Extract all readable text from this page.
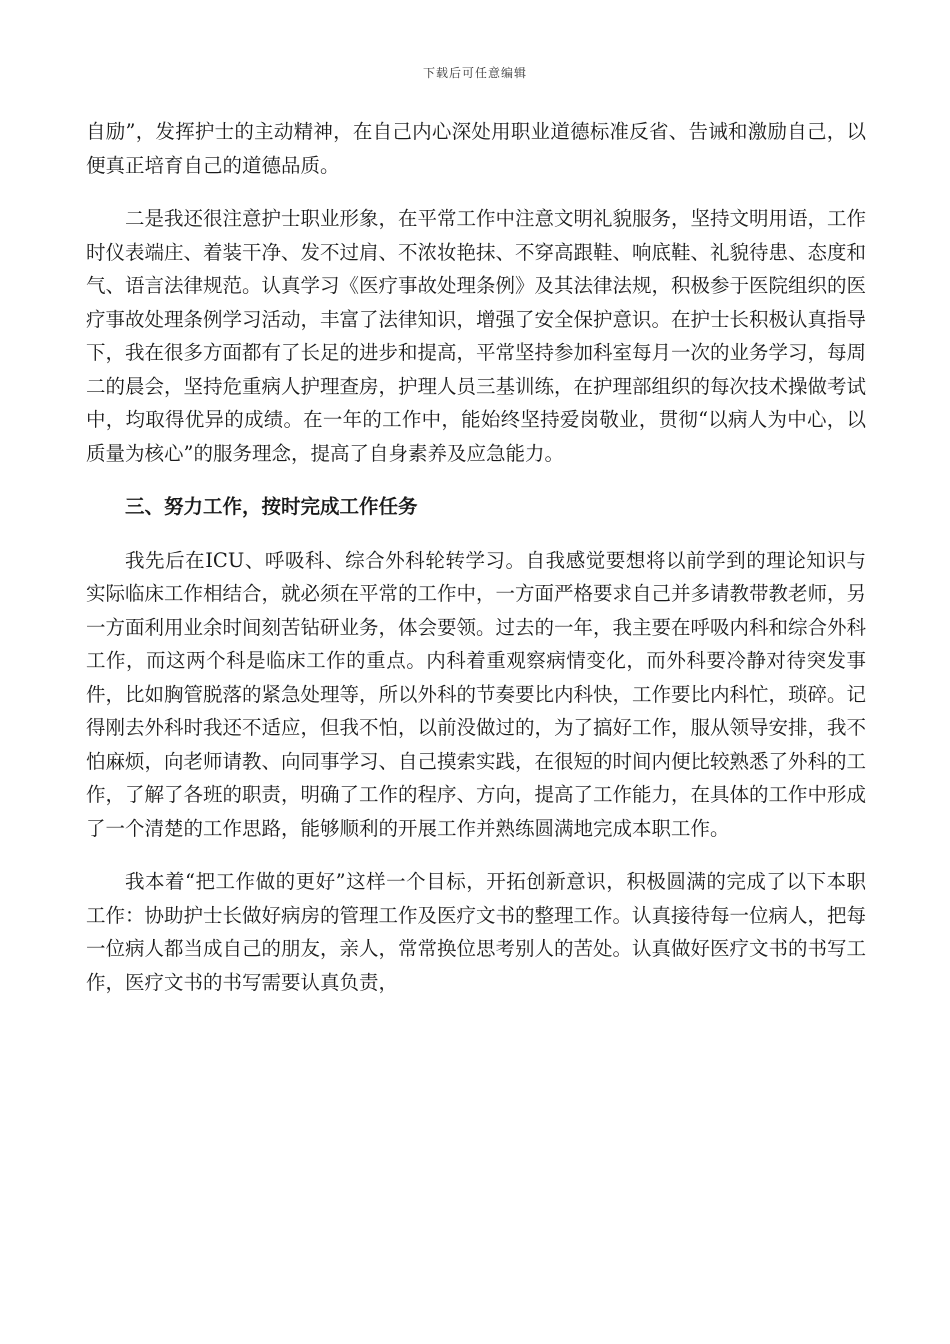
下载后可任意编辑

自励”，发挥护士的主动精神，在自己内心深处用职业道德标准反省、告诫和激励自己，以便真正培育自己的道德品质。

二是我还很注意护士职业形象，在平常工作中注意文明礼貌服务，坚持文明用语，工作时仪表端庄、着装干净、发不过肩、不浓妆艳抹、不穿高跟鞋、响底鞋、礼貌待患、态度和气、语言法律规范。认真学习《医疗事故处理条例》及其法律法规，积极参于医院组织的医疗事故处理条例学习活动，丰富了法律知识，增强了安全保护意识。在护士长积极认真指导下，我在很多方面都有了长足的进步和提高，平常坚持参加科室每月一次的业务学习，每周二的晨会，坚持危重病人护理查房，护理人员三基训练，在护理部组织的每次技术操做考试中，均取得优异的成绩。在一年的工作中，能始终坚持爱岗敬业，贯彻“以病人为中心，以质量为核心”的服务理念，提高了自身素养及应急能力。

三、努力工作，按时完成工作任务

我先后在ICU、呼吸科、综合外科轮转学习。自我感觉要想将以前学到的理论知识与实际临床工作相结合，就必须在平常的工作中，一方面严格要求自己并多请教带教老师，另一方面利用业余时间刻苦钻研业务，体会要领。过去的一年，我主要在呼吸内科和综合外科工作，而这两个科是临床工作的重点。内科着重观察病情变化，而外科要冷静对待突发事件，比如胸管脱落的紧急处理等，所以外科的节奏要比内科快，工作要比内科忙，琐碎。记得刚去外科时我还不适应，但我不怕，以前没做过的，为了搞好工作，服从领导安排，我不怕麻烦，向老师请教、向同事学习、自己摸索实践，在很短的时间内便比较熟悉了外科的工作，了解了各班的职责，明确了工作的程序、方向，提高了工作能力，在具体的工作中形成了一个清楚的工作思路，能够顺利的开展工作并熟练圆满地完成本职工作。

我本着“把工作做的更好”这样一个目标，开拓创新意识，积极圆满的完成了以下本职工作：协助护士长做好病房的管理工作及医疗文书的整理工作。认真接待每一位病人，把每一位病人都当成自己的朋友，亲人，常常换位思考别人的苦处。认真做好医疗文书的书写工作，医疗文书的书写需要认真负责，
